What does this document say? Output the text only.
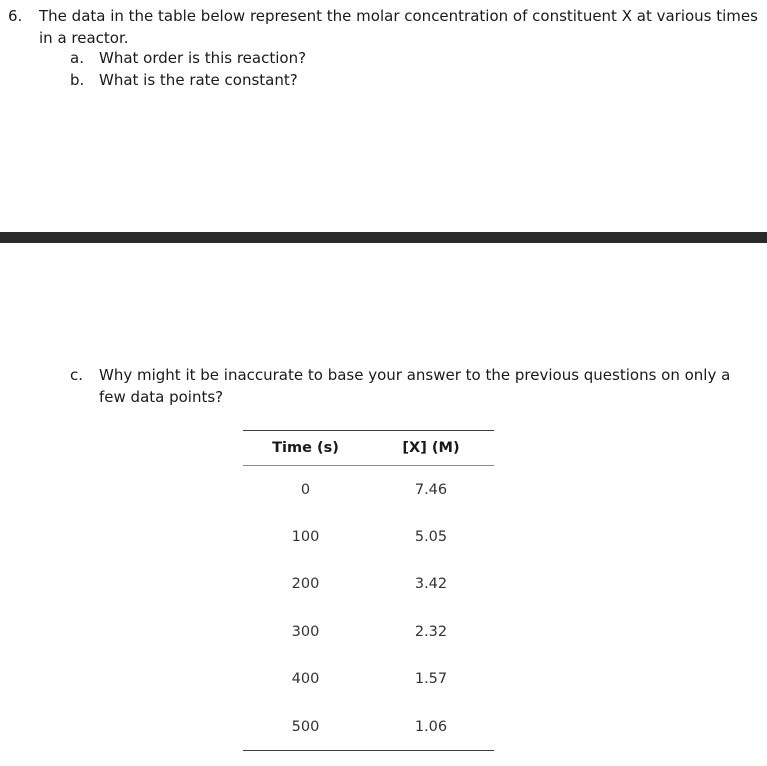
6. The data in the table below represent the molar concentration of constituent X at various times in a reactor.
a. What order is this reaction?
b. What is the rate constant?
c. Why might it be inaccurate to base your answer to the previous questions on only a few data points?
Time (s)	[X] (M)
0	7.46
100	5.05
200	3.42
300	2.32
400	1.57
500	1.06
